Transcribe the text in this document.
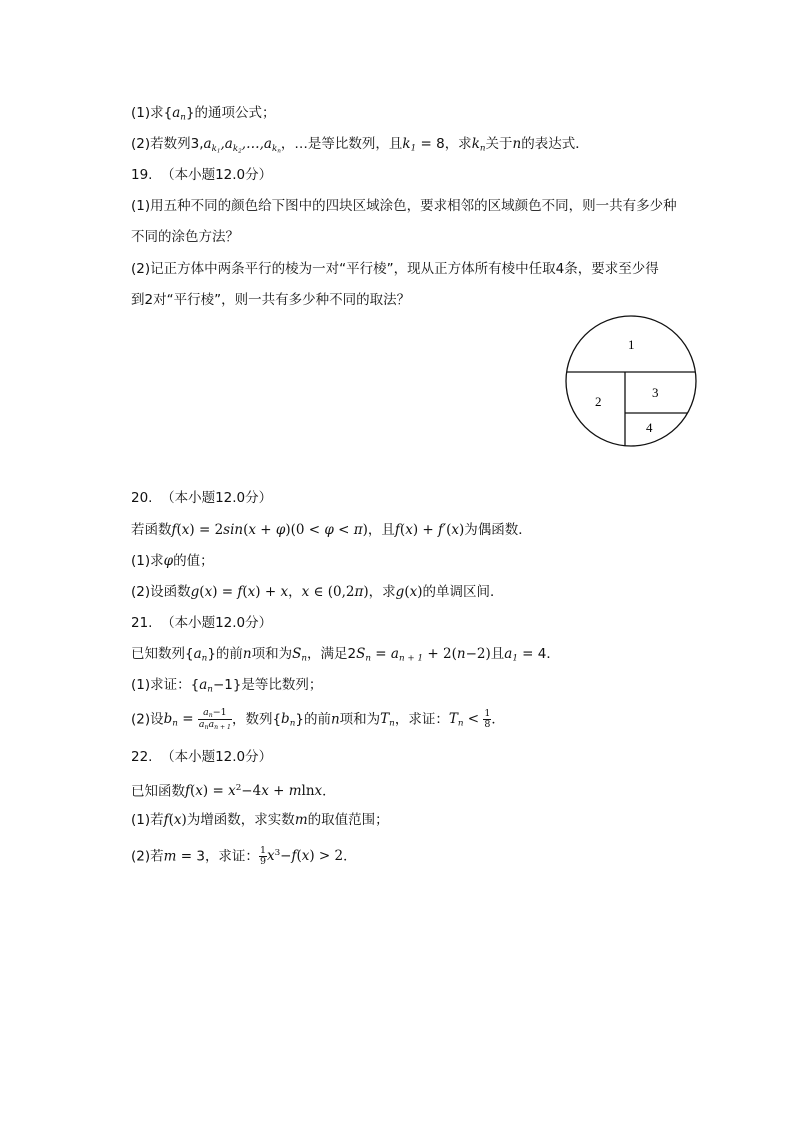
(1)求$\{a_n\}$的通项公式；
(2)若数列$3,a_{k_1},a_{k_2},\dots,a_{k_n}$，…是等比数列，且$k_1 = 8$，求$k_n$关于n的表达式．
19. （本小题12.0分）
(1)用五种不同的颜色给下图中的四块区域涂色，要求相邻的区域颜色不同，则一共有多少种
不同的涂色方法？
(2)记正方体中两条平行的棱为一对“平行棱”，现从正方体所有棱中任取4条，要求至少得
到2对“平行棱”，则一共有多少种不同的取法？
1
2
3
4
20. （本小题12.0分）
若函数f(x) = 2sin(x + φ)(0 < φ < π)，且f(x) + f′(x)为偶函数．
(1)求φ的值；
(2)设函数g(x) = f(x) + x，x ∈ (0,2π)，求g(x)的单调区间．
21. （本小题12.0分）
已知数列$\{a_n\}$的前n项和为$S_n$，满足$2S_n = a_{n + 1} + 2(n-2)$且$a_1 = 4$．
(1)求证：$\{a_n-1\}$是等比数列；
(2)设$b_n = \frac{a_n-1}{a_na_{n + 1}}$ ，数列$\{b_n\}$的前n项和为$T_n$，求证：$T_n < \frac{1}{8}$ ．
22. （本小题12.0分）
已知函数$f(x) = x^2-4x + mlnx$．
(1)若f(x)为增函数，求实数m的取值范围；
(2)若m = 3，求证： $\frac{1}{9} x^3-f(x) > 2$．
